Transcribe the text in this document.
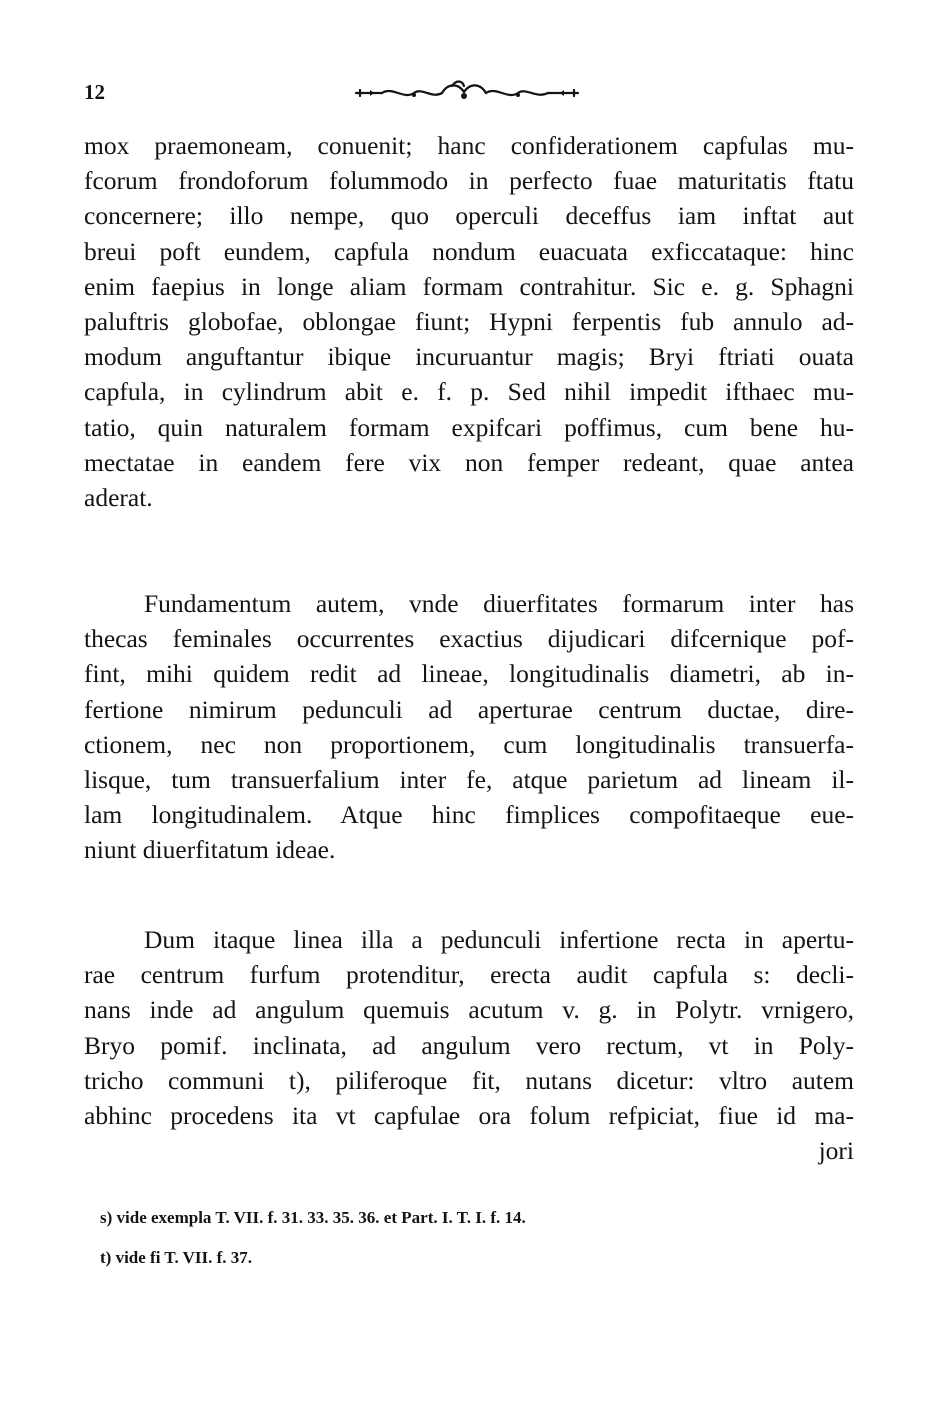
12
mox praemoneam, conuenit; hanc confiderationem capfulas mu-
fcorum frondoforum folummodo in perfecto fuae maturitatis ftatu
concernere; illo nempe, quo operculi deceffus iam inftat aut
breui poft eundem, capfula nondum euacuata exficcataque: hinc
enim faepius in longe aliam formam contrahitur. Sic e. g. Sphagni
paluftris globofae, oblongae fiunt; Hypni ferpentis fub annulo ad-
modum anguftantur ibique incuruantur magis; Bryi ftriati ouata
capfula, in cylindrum abit e. f. p. Sed nihil impedit ifthaec mu-
tatio, quin naturalem formam expifcari poffimus, cum bene hu-
mectatae in eandem fere vix non femper redeant, quae antea
aderat.
Fundamentum autem, vnde diuerfitates formarum inter has
thecas feminales occurrentes exactius dijudicari difcernique pof-
fint, mihi quidem redit ad lineae, longitudinalis diametri, ab in-
fertione nimirum pedunculi ad aperturae centrum ductae, dire-
ctionem, nec non proportionem, cum longitudinalis transuerfa-
lisque, tum transuerfalium inter fe, atque parietum ad lineam il-
lam longitudinalem. Atque hinc fimplices compofitaeque eue-
niunt diuerfitatum ideae.
Dum itaque linea illa a pedunculi infertione recta in apertu-
rae centrum furfum protenditur, erecta audit capfula s: decli-
nans inde ad angulum quemuis acutum v. g. in Polytr. vrnigero,
Bryo pomif. inclinata, ad angulum vero rectum, vt in Poly-
tricho communi t), piliferoque fit, nutans dicetur: vltro autem
abhinc procedens ita vt capfulae ora folum refpiciat, fiue id ma-
jori
s) vide exempla T. VII. f. 31. 33. 35. 36. et Part. I. T. I. f. 14.
t) vide fi T. VII. f. 37.
